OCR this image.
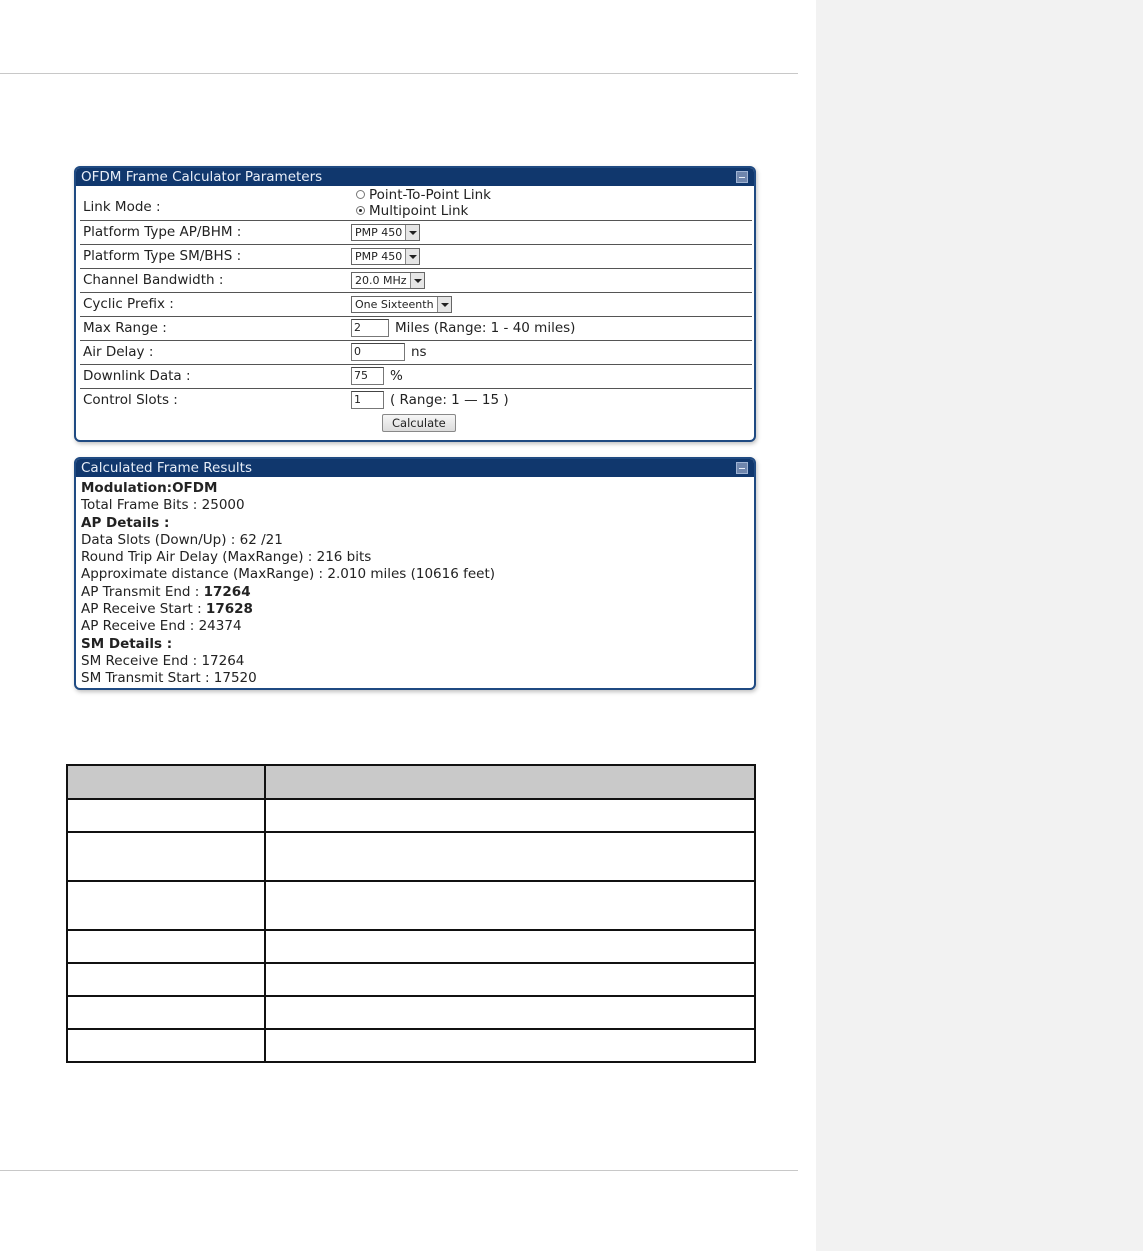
OFDM Frame Calculator Parameters
Link Mode :	Point-To-Point Link
Multipoint Link

Platform Type AP/BHM :	PMP 450

Platform Type SM/BHS :	PMP 450

Channel Bandwidth :	20.0 MHz

Cyclic Prefix :	One Sixteenth

Max Range :	2 Miles (Range: 1 - 40 miles)
Air Delay :	0 ns
Downlink Data :	75 %
Control Slots :	1 ( Range: 1 — 15 )
Calculate
Calculated Frame Results
Modulation:OFDM
Total Frame Bits : 25000
AP Details :
Data Slots (Down/Up) : 62 /21
Round Trip Air Delay (MaxRange) : 216 bits
Approximate distance (MaxRange) : 2.010 miles (10616 feet)
AP Transmit End : 17264
AP Receive Start : 17628
AP Receive End : 24374
SM Details :
SM Receive End : 17264
SM Transmit Start : 17520
